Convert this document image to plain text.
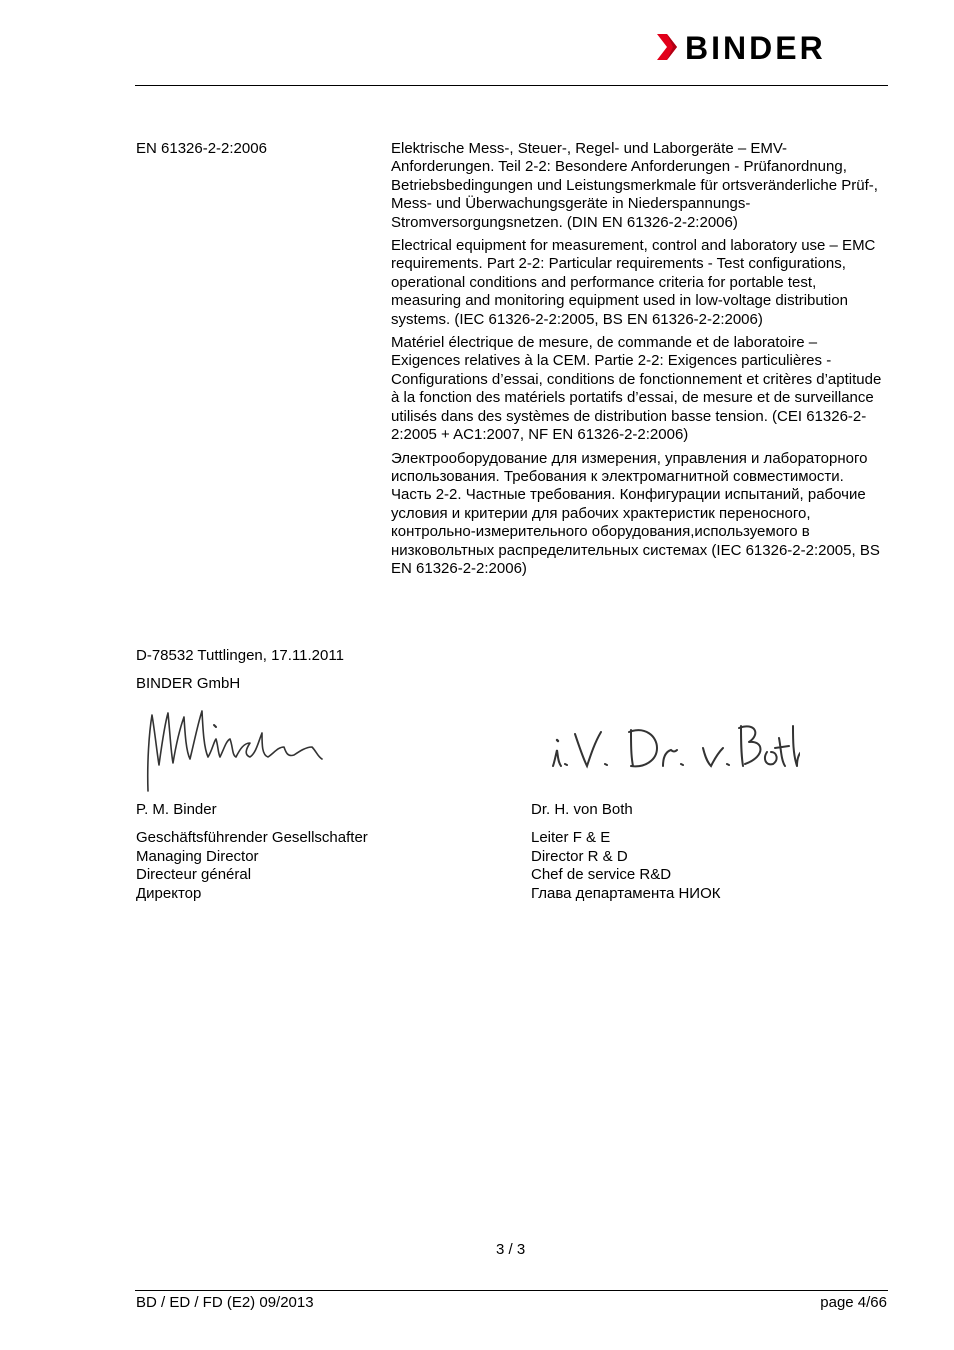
BINDER
EN 61326-2-2:2006	Elektrische Mess-, Steuer-, Regel- und Laborgeräte – EMV-Anforderungen. Teil 2-2: Besondere Anforderungen - Prüfanordnung, Betriebsbedingungen und Leistungsmerkmale für ortsveränderliche Prüf-, Mess- und Überwachungsgeräte in Niederspannungs-Stromversorgungsnetzen. (DIN EN 61326-2-2:2006)

Electrical equipment for measurement, control and laboratory use – EMC requirements. Part 2-2: Particular requirements - Test configurations, operational conditions and performance criteria for portable test, measuring and monitoring equipment used in low-voltage distribution systems. (IEC 61326-2-2:2005, BS EN 61326-2-2:2006)

Matériel électrique de mesure, de commande et de laboratoire – Exigences relatives à la CEM. Partie 2-2: Exigences particulières - Configurations d’essai, conditions de fonctionnement et critères d’aptitude à la fonction des matériels portatifs d’essai, de mesure et de surveillance utilisés dans des systèmes de distribution basse tension. (CEI 61326-2-2:2005 + AC1:2007, NF EN 61326-2-2:2006)

Электрооборудование для измерения, управления и лабораторного использования. Требования к электромагнитной совместимости. Часть 2-2. Частные требования. Конфигурации испытаний, рабочие условия и критерии для рабочих храктеристик переносного, контрольно-измерительного оборудования,используемого в низковольтных распределительных системах (IEC 61326-2-2:2005, BS EN 61326-2-2:2006)

D-78532 Tuttlingen, 17.11.2011
BINDER GmbH
P. M. Binder
Geschäftsführender Gesellschafter
Managing Director
Directeur général
Директор
Dr. H. von Both
Leiter F & E
Director R & D
Chef de service R&D
Глава департамента НИОК
3 / 3
BD / ED / FD (E2) 09/2013	page 4/66
